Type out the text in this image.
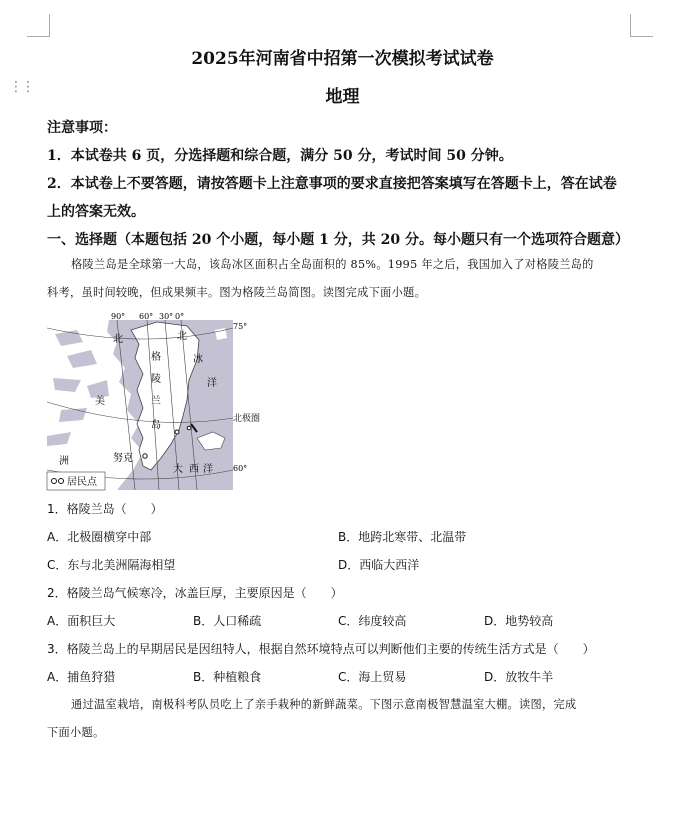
⋮⋮
2025年河南省中招第一次模拟考试试卷
地理
注意事项：
1．本试卷共 6 页，分选择题和综合题，满分 50 分，考试时间 50 分钟。
2．本试卷上不要答题，请按答题卡上注意事项的要求直接把答案填写在答题卡上，答在试卷
上的答案无效。
一、选择题（本题包括 20 个小题，每小题 1 分，共 20 分。每小题只有一个选项符合题意）
格陵兰岛是全球第一大岛，该岛冰区面积占全岛面积的 85%。1995 年之后，我国加入了对格陵兰岛的
科考，虽时间较晚，但成果频丰。图为格陵兰岛简图。读图完成下面小题。
居民点
90° 60° 30° 0°
75°
60°
北
冰
洋
格
陵
兰
岛
北
美
洲	努克
大 西 洋
北极圈
1．格陵兰岛（　　）
A．北极圈横穿中部	B．地跨北寒带、北温带
C．东与北美洲隔海相望	D．西临大西洋
2．格陵兰岛气候寒冷，冰盖巨厚，主要原因是（　　）
A．面积巨大	B．人口稀疏	C．纬度较高	D．地势较高
3．格陵兰岛上的早期居民是因纽特人，根据自然环境特点可以判断他们主要的传统生活方式是（　　）
A．捕鱼狩猎	B．种植粮食	C．海上贸易	D．放牧牛羊
通过温室栽培，南极科考队员吃上了亲手栽种的新鲜蔬菜。下图示意南极智慧温室大棚。读图，完成
下面小题。
